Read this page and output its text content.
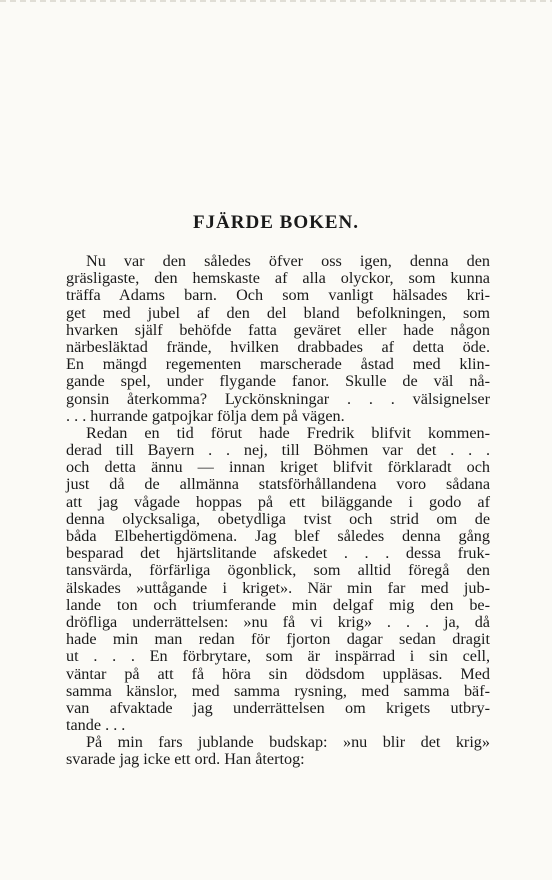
FJÄRDE BOKEN.
Nu var den således öfver oss igen, denna den
gräsligaste, den hemskaste af alla olyckor, som kunna
träffa Adams barn. Och som vanligt hälsades kri-
get med jubel af den del bland befolkningen, som
hvarken själf behöfde fatta geväret eller hade någon
närbesläktad frände, hvilken drabbades af detta öde.
En mängd regementen marscherade åstad med klin-
gande spel, under flygande fanor. Skulle de väl nå-
gonsin återkomma? Lyckönskningar . . . välsignelser
. . . hurrande gatpojkar följa dem på vägen.
Redan en tid förut hade Fredrik blifvit kommen-
derad till Bayern . . nej, till Böhmen var det . . .
och detta ännu — innan kriget blifvit förklaradt och
just då de allmänna statsförhållandena voro sådana
att jag vågade hoppas på ett biläggande i godo af
denna olycksaliga, obetydliga tvist och strid om de
båda Elbehertigdömena. Jag blef således denna gång
besparad det hjärtslitande afskedet . . . dessa fruk-
tansvärda, förfärliga ögonblick, som alltid föregå den
älskades »uttågande i kriget». När min far med jub-
lande ton och triumferande min delgaf mig den be-
dröfliga underrättelsen: »nu få vi krig» . . . ja, då
hade min man redan för fjorton dagar sedan dragit
ut . . . En förbrytare, som är inspärrad i sin cell,
väntar på att få höra sin dödsdom uppläsas. Med
samma känslor, med samma rysning, med samma bäf-
van afvaktade jag underrättelsen om krigets utbry-
tande . . .
På min fars jublande budskap: »nu blir det krig»
svarade jag icke ett ord. Han återtog:
